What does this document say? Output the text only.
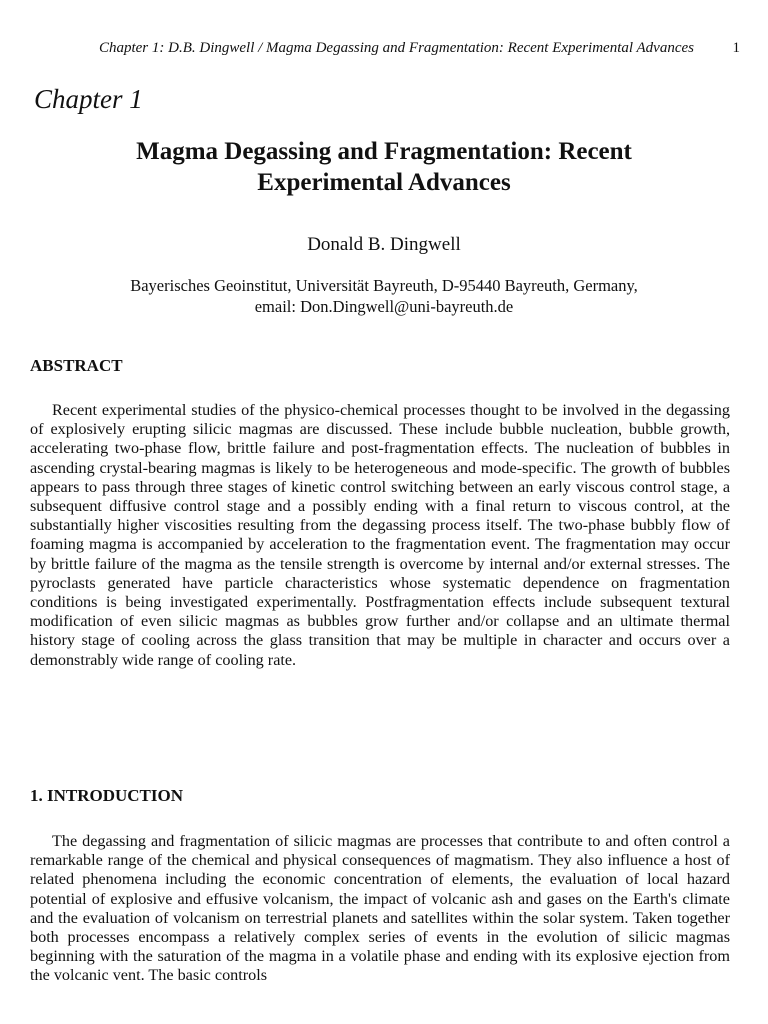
Chapter 1: D.B. Dingwell / Magma Degassing and Fragmentation: Recent Experimental Advances	1
Chapter 1
Magma Degassing and Fragmentation: Recent
Experimental Advances
Donald B. Dingwell
Bayerisches Geoinstitut, Universität Bayreuth, D-95440 Bayreuth, Germany,
email: Don.Dingwell@uni-bayreuth.de
ABSTRACT

Recent experimental studies of the physico-chemical processes thought to be involved in the degassing of explosively erupting silicic magmas are discussed. These include bubble nucleation, bubble growth, accelerating two-phase flow, brittle failure and post-fragmentation effects. The nucleation of bubbles in ascending crystal-bearing magmas is likely to be heterogeneous and mode-specific. The growth of bubbles appears to pass through three stages of kinetic control switching between an early viscous control stage, a subsequent diffusive control stage and a possibly ending with a final return to viscous control, at the substantially higher viscosities resulting from the degassing process itself. The two-phase bubbly flow of foaming magma is accompanied by acceleration to the fragmentation event. The fragmentation may occur by brittle failure of the magma as the tensile strength is overcome by internal and/or external stresses. The pyroclasts generated have particle characteristics whose systematic dependence on fragmentation conditions is being investigated experimentally. Postfragmentation effects include subsequent textural modification of even silicic magmas as bubbles grow further and/or collapse and an ultimate thermal history stage of cooling across the glass transition that may be multiple in character and occurs over a demonstrably wide range of cooling rate.

1. INTRODUCTION

The degassing and fragmentation of silicic magmas are processes that contribute to and often control a remarkable range of the chemical and physical consequences of magmatism. They also influence a host of related phenomena including the economic concentration of elements, the evaluation of local hazard potential of explosive and effusive volcanism, the impact of volcanic ash and gases on the Earth's climate and the evaluation of volcanism on terrestrial planets and satellites within the solar system. Taken together both processes encompass a relatively complex series of events in the evolution of silicic magmas beginning with the saturation of the magma in a volatile phase and ending with its explosive ejection from the volcanic vent. The basic controls
